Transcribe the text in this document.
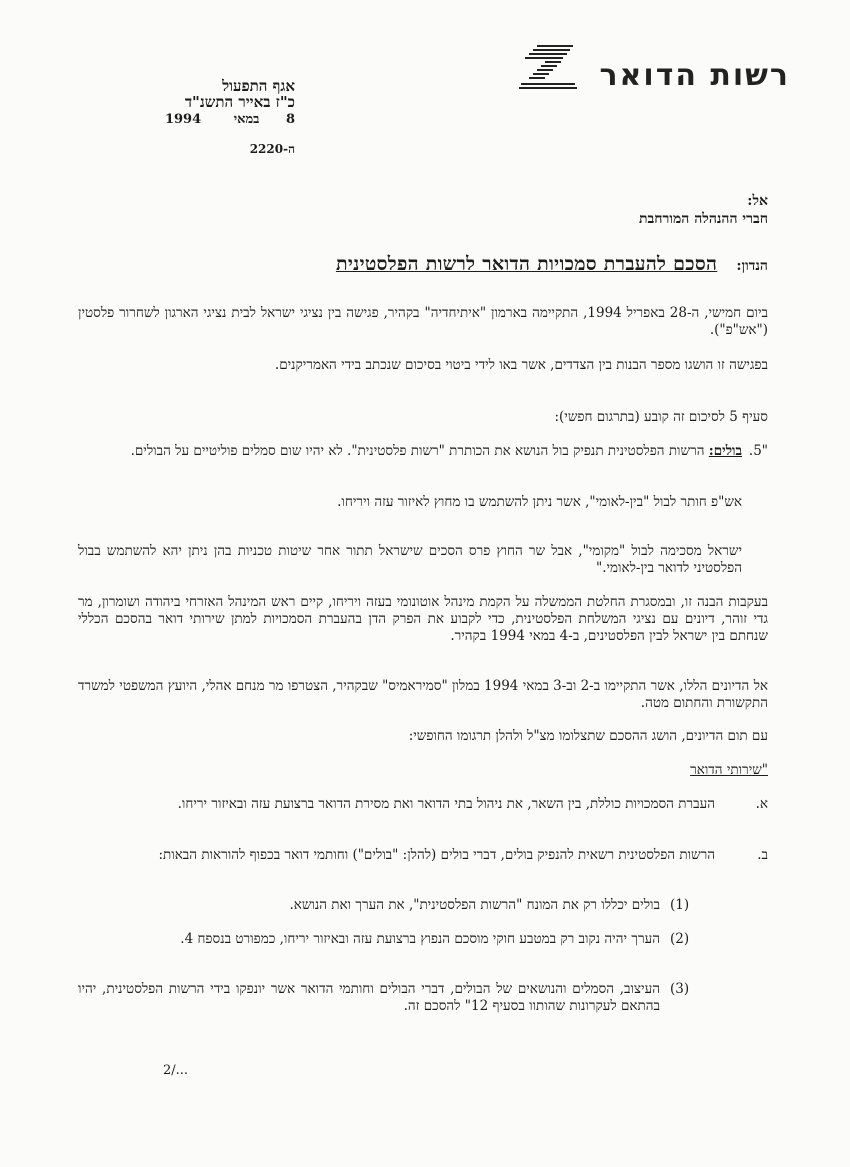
רשות הדואר
אגף התפעול
כ"ז באייר התשנ"ד
8 במאי 1994
ה-2220
אל:
חברי ההנהלה המורחבת
הנדון: הסכם להעברת סמכויות הדואר לרשות הפלסטינית
ביום חמישי, ה-28 באפריל 1994, התקיימה בארמון "איתיחדיה" בקהיר, פגישה בין נציגי ישראל לבית נציגי הארגון לשחרור פלסטין ("אש"פ").
בפגישה זו הושגו מספר הבנות בין הצדדים, אשר באו לידי ביטוי בסיכום שנכתב בידי האמריקנים.
סעיף 5 לסיכום זה קובע (בתרגום חפשי):
"5.
בולים: הרשות הפלסטינית תנפיק בול הנושא את הכותרת "רשות פלסטינית". לא יהיו שום סמלים פוליטיים על הבולים.
אש"פ חותר לבול "בין-לאומי", אשר ניתן להשתמש בו מחוץ לאיזור עזה ויריחו.
ישראל מסכימה לבול "מקומי", אבל שר החוץ פרס הסכים שישראל תתור אחר שיטות טכניות בהן ניתן יהא להשתמש בבול הפלסטיני לדואר בין-לאומי."
בעקבות הבנה זו, ובמסגרת החלטת הממשלה על הקמת מינהל אוטונומי בעזה ויריחו, קיים ראש המינהל האזרחי ביהודה ושומרון, מר גדי זוהר, דיונים עם נציגי המשלחת הפלסטינית, כדי לקבוע את הפרק הדן בהעברת הסמכויות למתן שירותי דואר בהסכם הכללי שנחתם בין ישראל לבין הפלסטינים, ב-4 במאי 1994 בקהיר.
אל הדיונים הללו, אשר התקיימו ב-2 וב-3 במאי 1994 במלון "סמיראמיס" שבקהיר, הצטרפו מר מנחם אהלי, היועץ המשפטי למשרד התקשורת והחתום מטה.
עם תום הדיונים, הושג ההסכם שתצלומו מצ"ל ולהלן תרגומו החופשי:
"שירותי הדואר
א.
העברת הסמכויות כוללת, בין השאר, את ניהול בתי הדואר ואת מסירת הדואר ברצועת עזה ובאיזור יריחו.
ב.
הרשות הפלסטינית רשאית להנפיק בולים, דברי בולים (להלן: "בולים") וחותמי דואר בכפוף להוראות הבאות:
(1)
בולים יכללו רק את המונח "הרשות הפלסטינית", את הערך ואת הנושא.
(2)
הערך יהיה נקוב רק במטבע חוקי מוסכם הנפוץ ברצועת עזה ובאיזור יריחו, כמפורט בנספח 4.
(3)
העיצוב, הסמלים והנושאים של הבולים, דברי הבולים וחותמי הדואר אשר יונפקו בידי הרשות הפלסטינית, יהיו בהתאם לעקרונות שהותוו בסעיף 12" להסכם זה.
2/...
